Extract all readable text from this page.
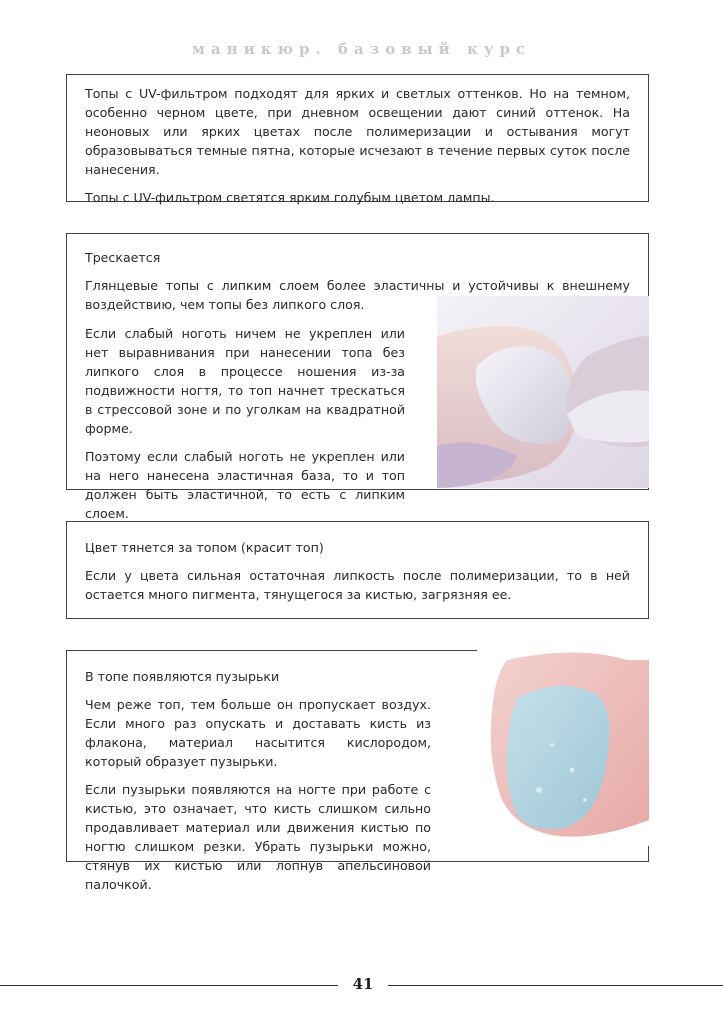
маникюр. базовый курс

Топы с UV-фильтром подходят для ярких и светлых оттенков. Но на темном, особенно черном цвете, при дневном освещении дают синий оттенок. На неоновых или ярких цветах после полимеризации и остывания могут образовываться темные пятна, которые исчезают в течение первых суток после нанесения.

Топы с UV-фильтром светятся ярким голубым цветом лампы.

Трескается

Глянцевые топы с липким слоем более эластичны и устойчивы к внешнему воздействию, чем топы без липкого слоя.

Если слабый ноготь ничем не укреплен или нет выравнивания при нанесении топа без липкого слоя в процессе ношения из-за подвижности ногтя, то топ начнет трескаться в стрессовой зоне и по уголкам на квадратной форме.

Поэтому если слабый ноготь не укреплен или на него нанесена эластичная база, то и топ должен быть эластичной, то есть с липким слоем.

Цвет тянется за топом (красит топ)

Если у цвета сильная остаточная липкость после полимеризации, то в ней остается много пигмента, тянущегося за кистью, загрязняя ее.

В топе появляются пузырьки

Чем реже топ, тем больше он пропускает воздух. Если много раз опускать и доставать кисть из флакона, материал насытится кислородом, который образует пузырьки.

Если пузырьки появляются на ногте при работе с кистью, это означает, что кисть слишком сильно продавливает материал или движения кистью по ногтю слишком резки. Убрать пузырьки можно, стянув их кистью или лопнув апельсиновой палочкой.

41
